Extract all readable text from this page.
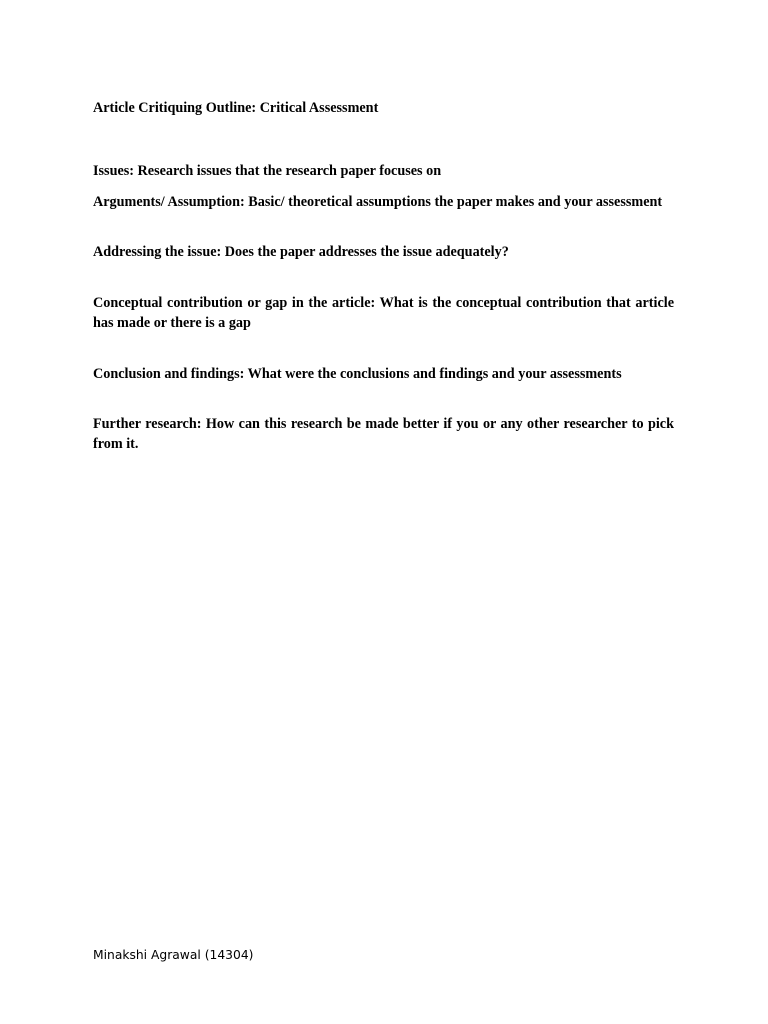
Article Critiquing Outline: Critical Assessment

Issues: Research issues that the research paper focuses on

Arguments/ Assumption: Basic/ theoretical assumptions the paper makes and your assessment

Addressing the issue: Does the paper addresses the issue adequately?

Conceptual contribution or gap in the article: What is the conceptual contribution that article has made or there is a gap

Conclusion and findings: What were the conclusions and findings and your assessments

Further research: How can this research be made better if you or any other researcher to pick from it.

Minakshi Agrawal (14304)
